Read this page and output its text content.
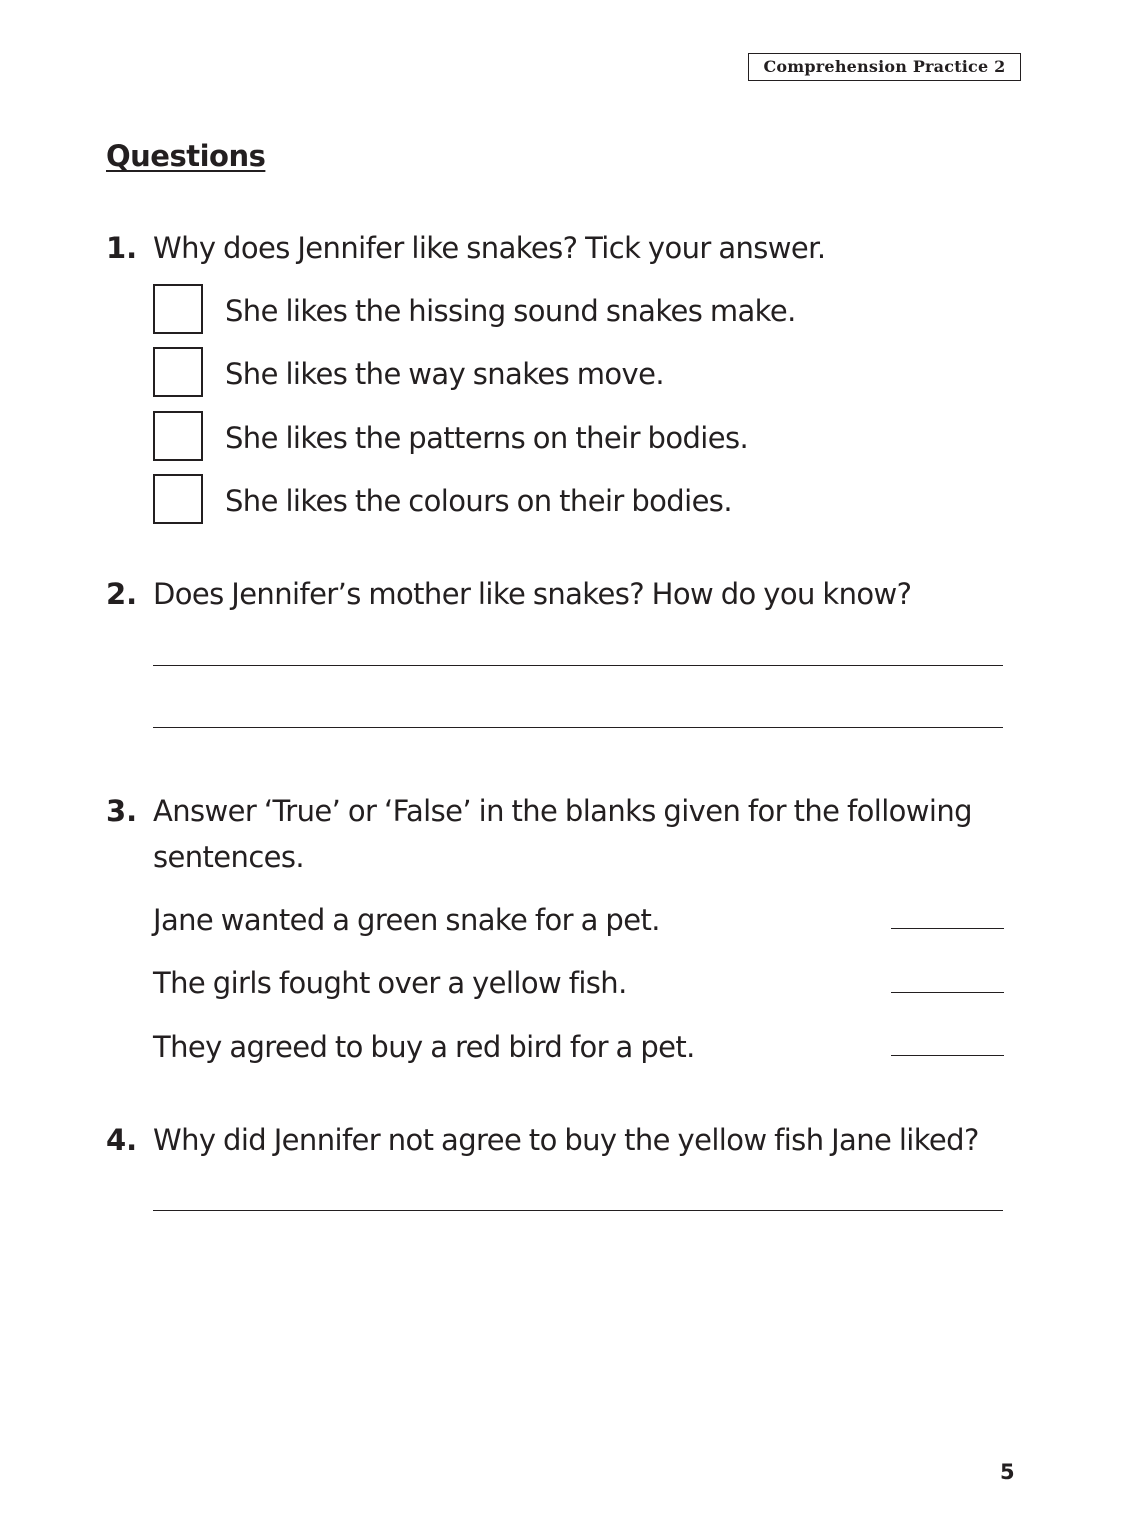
Comprehension Practice 2
Questions
1. Why does Jennifer like snakes? Tick your answer.
She likes the hissing sound snakes make.
She likes the way snakes move.
She likes the patterns on their bodies.
She likes the colours on their bodies.
2. Does Jennifer’s mother like snakes? How do you know?
3. Answer ‘True’ or ‘False’ in the blanks given for the following sentences.
Jane wanted a green snake for a pet.
The girls fought over a yellow fish.
They agreed to buy a red bird for a pet.
4. Why did Jennifer not agree to buy the yellow fish Jane liked?
5
